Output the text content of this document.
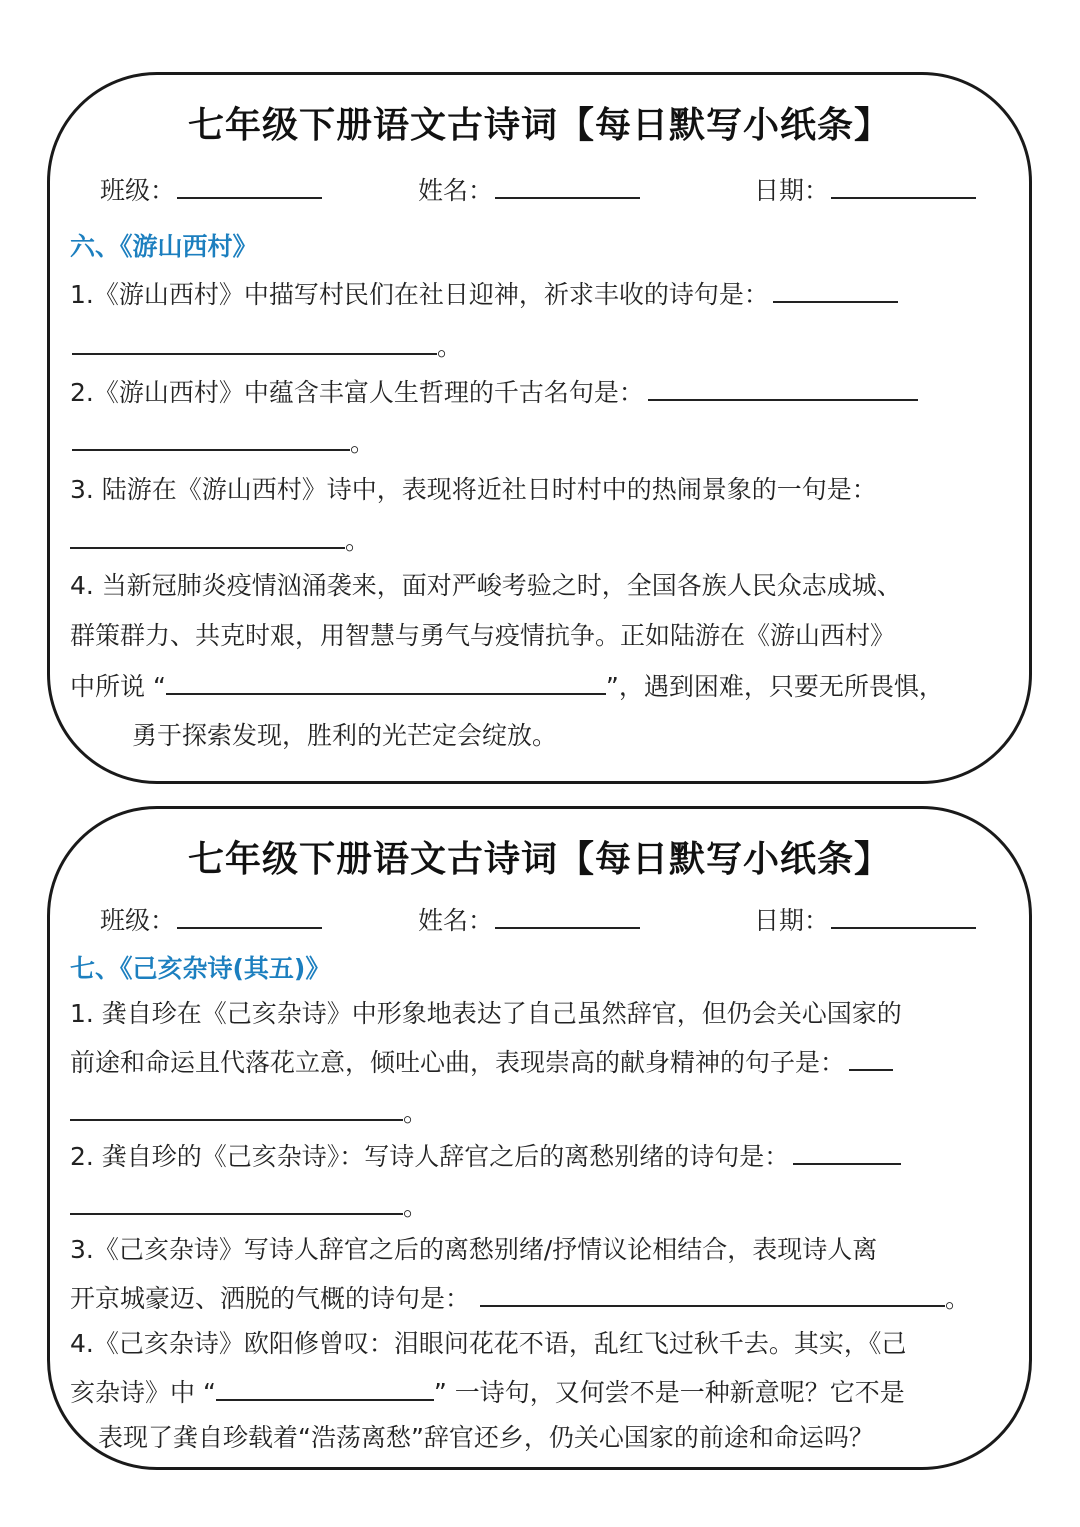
七年级下册语文古诗词【每日默写小纸条】
班级：	姓名：	日期：
六、《游山西村》
1.《游山西村》中描写村民们在社日迎神，祈求丰收的诗句是：
。
2.《游山西村》中蕴含丰富人生哲理的千古名句是：
。
3. 陆游在《游山西村》诗中，表现将近社日时村中的热闹景象的一句是：
。
4. 当新冠肺炎疫情汹涌袭来，面对严峻考验之时，全国各族人民众志成城、
群策群力、共克时艰，用智慧与勇气与疫情抗争。正如陆游在《游山西村》
中所说 “	”，遇到困难，只要无所畏惧，
勇于探索发现，胜利的光芒定会绽放。
七年级下册语文古诗词【每日默写小纸条】
班级：	姓名：	日期：
七、《己亥杂诗(其五)》
1. 龚自珍在《己亥杂诗》中形象地表达了自己虽然辞官，但仍会关心国家的
前途和命运且代落花立意，倾吐心曲，表现崇高的献身精神的句子是：
。
2. 龚自珍的《己亥杂诗》：写诗人辞官之后的离愁别绪的诗句是：
。
3.《己亥杂诗》写诗人辞官之后的离愁别绪/抒情议论相结合，表现诗人离
开京城豪迈、洒脱的气概的诗句是：	。
4.《己亥杂诗》欧阳修曾叹：泪眼问花花不语，乱红飞过秋千去。其实，《己
亥杂诗》中 “	” 一诗句，又何尝不是一种新意呢？它不是
表现了龚自珍载着“浩荡离愁”辞官还乡，仍关心国家的前途和命运吗？
